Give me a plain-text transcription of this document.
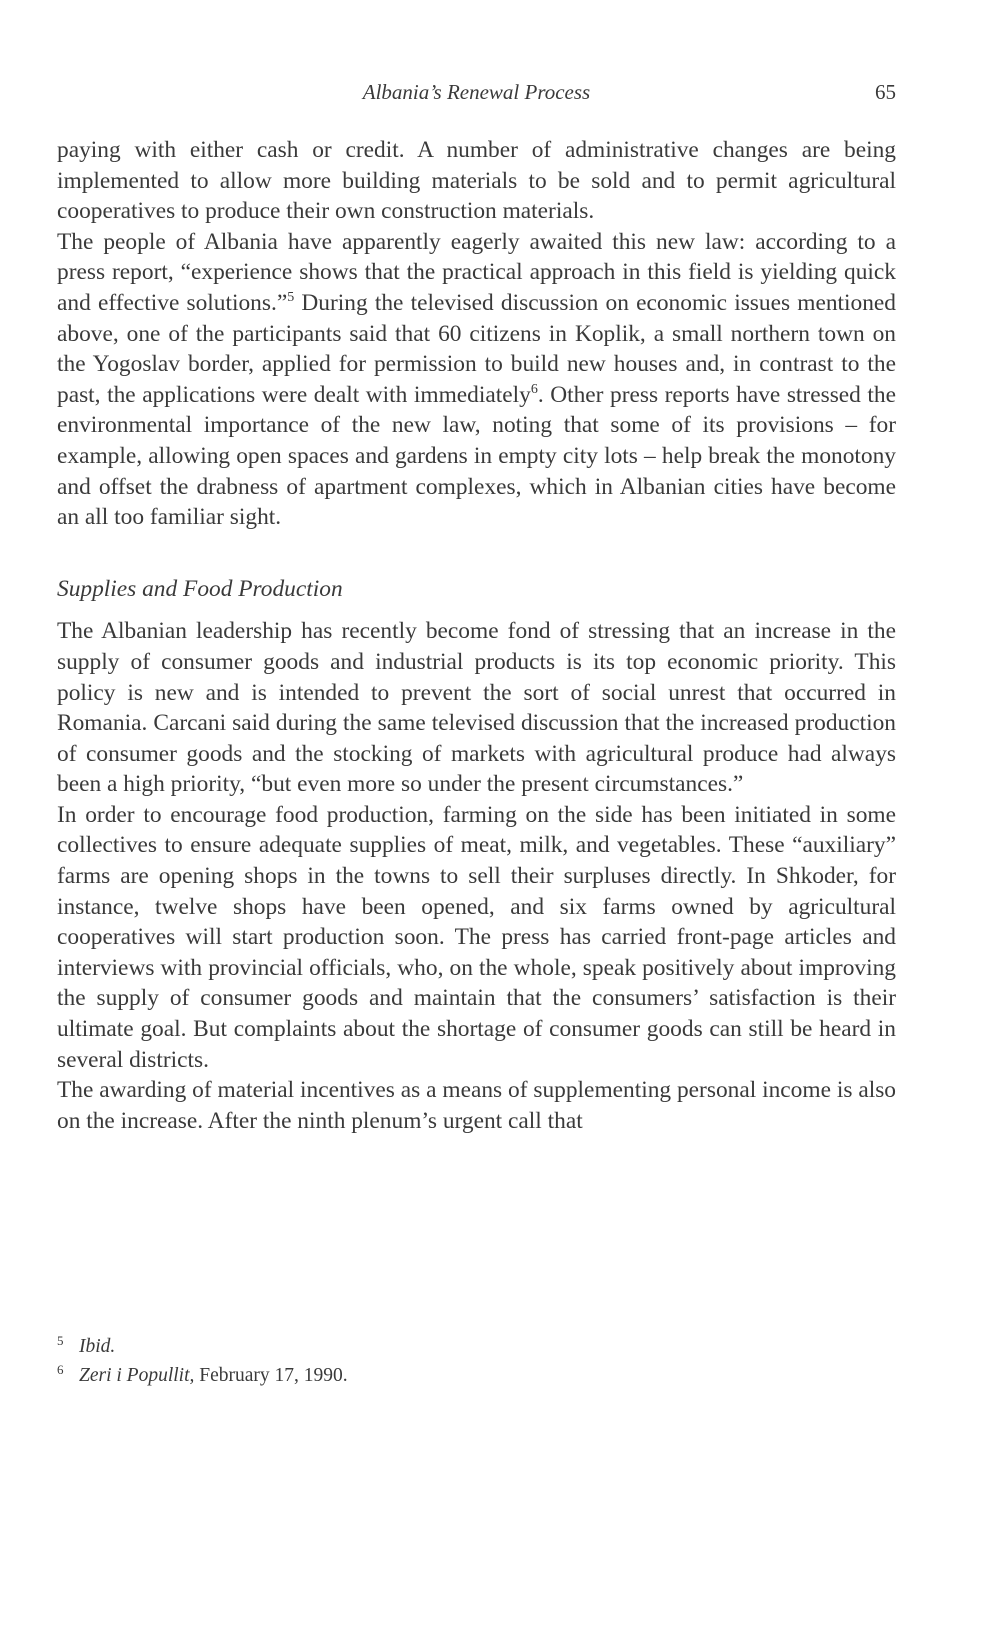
Albania’s Renewal Process	65

paying with either cash or credit. A number of administrative changes are being implemented to allow more building materials to be sold and to permit agricultural cooperatives to produce their own construction materials.

The people of Albania have apparently eagerly awaited this new law: according to a press report, “experience shows that the practical approach in this field is yielding quick and effective solutions.”$^5$ During the televised discussion on economic issues mentioned above, one of the participants said that 60 citizens in Koplik, a small northern town on the Yogoslav border, applied for permission to build new houses and, in contrast to the past, the applications were dealt with immediately$^6$. Other press reports have stressed the environmental importance of the new law, noting that some of its provisions – for example, allowing open spaces and gardens in empty city lots – help break the monotony and offset the drabness of apartment complexes, which in Albanian cities have become an all too familiar sight.

Supplies and Food Production

The Albanian leadership has recently become fond of stressing that an increase in the supply of consumer goods and industrial products is its top economic priority. This policy is new and is intended to prevent the sort of social unrest that occurred in Romania. Carcani said during the same televised discussion that the increased production of consumer goods and the stocking of markets with agricultural produce had always been a high priority, “but even more so under the present circumstances.”

In order to encourage food production, farming on the side has been initiated in some collectives to ensure adequate supplies of meat, milk, and vegetables. These “auxiliary” farms are opening shops in the towns to sell their surpluses directly. In Shkoder, for instance, twelve shops have been opened, and six farms owned by agricultural cooperatives will start production soon. The press has carried front-page articles and interviews with provincial officials, who, on the whole, speak positively about improving the supply of consumer goods and maintain that the consumers’ satisfaction is their ultimate goal. But complaints about the shortage of consumer goods can still be heard in several districts.

The awarding of material incentives as a means of supplementing personal income is also on the increase. After the ninth plenum’s urgent call that

5 Ibid.
6 Zeri i Popullit, February 17, 1990.
